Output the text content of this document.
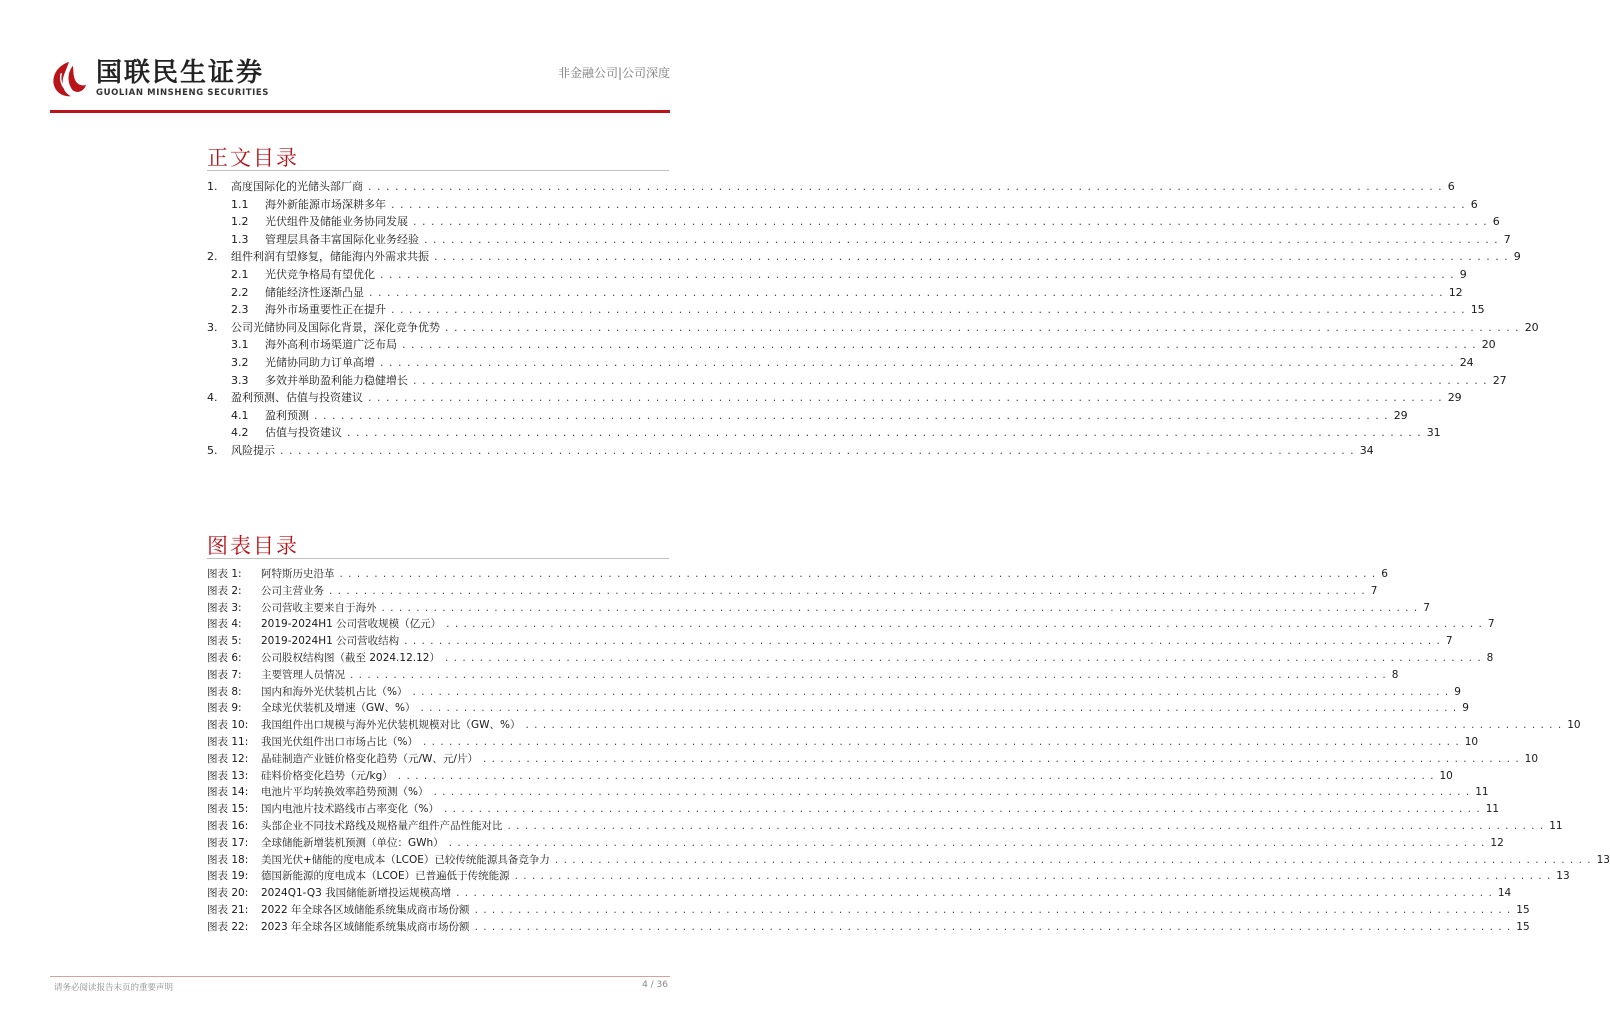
国联民生证券
GUOLIAN MINSHENG SECURITIES
非金融公司|公司深度
正文目录
1.	高度国际化的光储头部厂商 . . . . . . . . . . . . . . . . . . . . . . . . . . . . . . . . . . . . . . . . . . . . . . . . . . . . . . . . . . . . . . . . . . . . . . . . . . . . . . . . . . . . . . . . . . . . . . . . . . . . . . . . . . . . . . . . . . . . . . . . 6
1.1	海外新能源市场深耕多年 . . . . . . . . . . . . . . . . . . . . . . . . . . . . . . . . . . . . . . . . . . . . . . . . . . . . . . . . . . . . . . . . . . . . . . . . . . . . . . . . . . . . . . . . . . . . . . . . . . . . . . . . . . . . . . . . . . . . . . . . 6
1.2	光伏组件及储能业务协同发展 . . . . . . . . . . . . . . . . . . . . . . . . . . . . . . . . . . . . . . . . . . . . . . . . . . . . . . . . . . . . . . . . . . . . . . . . . . . . . . . . . . . . . . . . . . . . . . . . . . . . . . . . . . . . . . . . . . . . . . . . 6
1.3	管理层具备丰富国际化业务经验 . . . . . . . . . . . . . . . . . . . . . . . . . . . . . . . . . . . . . . . . . . . . . . . . . . . . . . . . . . . . . . . . . . . . . . . . . . . . . . . . . . . . . . . . . . . . . . . . . . . . . . . . . . . . . . . . . . . . . . . . 7
2.	组件利润有望修复，储能海内外需求共振 . . . . . . . . . . . . . . . . . . . . . . . . . . . . . . . . . . . . . . . . . . . . . . . . . . . . . . . . . . . . . . . . . . . . . . . . . . . . . . . . . . . . . . . . . . . . . . . . . . . . . . . . . . . . . . . . . . . . . . . . 9
2.1	光伏竞争格局有望优化 . . . . . . . . . . . . . . . . . . . . . . . . . . . . . . . . . . . . . . . . . . . . . . . . . . . . . . . . . . . . . . . . . . . . . . . . . . . . . . . . . . . . . . . . . . . . . . . . . . . . . . . . . . . . . . . . . . . . . . . . 9
2.2	储能经济性逐渐凸显 . . . . . . . . . . . . . . . . . . . . . . . . . . . . . . . . . . . . . . . . . . . . . . . . . . . . . . . . . . . . . . . . . . . . . . . . . . . . . . . . . . . . . . . . . . . . . . . . . . . . . . . . . . . . . . . . . . . . . . . . 12
2.3	海外市场重要性正在提升 . . . . . . . . . . . . . . . . . . . . . . . . . . . . . . . . . . . . . . . . . . . . . . . . . . . . . . . . . . . . . . . . . . . . . . . . . . . . . . . . . . . . . . . . . . . . . . . . . . . . . . . . . . . . . . . . . . . . . . . . 15
3.	公司光储协同及国际化背景，深化竞争优势 . . . . . . . . . . . . . . . . . . . . . . . . . . . . . . . . . . . . . . . . . . . . . . . . . . . . . . . . . . . . . . . . . . . . . . . . . . . . . . . . . . . . . . . . . . . . . . . . . . . . . . . . . . . . . . . . . . . . . . . . 20
3.1	海外高利市场渠道广泛布局 . . . . . . . . . . . . . . . . . . . . . . . . . . . . . . . . . . . . . . . . . . . . . . . . . . . . . . . . . . . . . . . . . . . . . . . . . . . . . . . . . . . . . . . . . . . . . . . . . . . . . . . . . . . . . . . . . . . . . . . . 20
3.2	光储协同助力订单高增 . . . . . . . . . . . . . . . . . . . . . . . . . . . . . . . . . . . . . . . . . . . . . . . . . . . . . . . . . . . . . . . . . . . . . . . . . . . . . . . . . . . . . . . . . . . . . . . . . . . . . . . . . . . . . . . . . . . . . . . . 24
3.3	多效并举助盈利能力稳健增长 . . . . . . . . . . . . . . . . . . . . . . . . . . . . . . . . . . . . . . . . . . . . . . . . . . . . . . . . . . . . . . . . . . . . . . . . . . . . . . . . . . . . . . . . . . . . . . . . . . . . . . . . . . . . . . . . . . . . . . . . 27
4.	盈利预测、估值与投资建议 . . . . . . . . . . . . . . . . . . . . . . . . . . . . . . . . . . . . . . . . . . . . . . . . . . . . . . . . . . . . . . . . . . . . . . . . . . . . . . . . . . . . . . . . . . . . . . . . . . . . . . . . . . . . . . . . . . . . . . . . 29
4.1	盈利预测 . . . . . . . . . . . . . . . . . . . . . . . . . . . . . . . . . . . . . . . . . . . . . . . . . . . . . . . . . . . . . . . . . . . . . . . . . . . . . . . . . . . . . . . . . . . . . . . . . . . . . . . . . . . . . . . . . . . . . . . . 29
4.2	估值与投资建议 . . . . . . . . . . . . . . . . . . . . . . . . . . . . . . . . . . . . . . . . . . . . . . . . . . . . . . . . . . . . . . . . . . . . . . . . . . . . . . . . . . . . . . . . . . . . . . . . . . . . . . . . . . . . . . . . . . . . . . . . 31
5.	风险提示 . . . . . . . . . . . . . . . . . . . . . . . . . . . . . . . . . . . . . . . . . . . . . . . . . . . . . . . . . . . . . . . . . . . . . . . . . . . . . . . . . . . . . . . . . . . . . . . . . . . . . . . . . . . . . . . . . . . . . . . . 34
图表目录
图表 1:	阿特斯历史沿革 . . . . . . . . . . . . . . . . . . . . . . . . . . . . . . . . . . . . . . . . . . . . . . . . . . . . . . . . . . . . . . . . . . . . . . . . . . . . . . . . . . . . . . . . . . . . . . . . . . . . . . . . . . . . . . . . . . . . . . . . 6
图表 2:	公司主营业务 . . . . . . . . . . . . . . . . . . . . . . . . . . . . . . . . . . . . . . . . . . . . . . . . . . . . . . . . . . . . . . . . . . . . . . . . . . . . . . . . . . . . . . . . . . . . . . . . . . . . . . . . . . . . . . . . . . . . . . . . 7
图表 3:	公司营收主要来自于海外 . . . . . . . . . . . . . . . . . . . . . . . . . . . . . . . . . . . . . . . . . . . . . . . . . . . . . . . . . . . . . . . . . . . . . . . . . . . . . . . . . . . . . . . . . . . . . . . . . . . . . . . . . . . . . . . . . . . . . . . . 7
图表 4:	2019-2024H1 公司营收规模（亿元） . . . . . . . . . . . . . . . . . . . . . . . . . . . . . . . . . . . . . . . . . . . . . . . . . . . . . . . . . . . . . . . . . . . . . . . . . . . . . . . . . . . . . . . . . . . . . . . . . . . . . . . . . . . . . . . . . . . . . . . . 7
图表 5:	2019-2024H1 公司营收结构 . . . . . . . . . . . . . . . . . . . . . . . . . . . . . . . . . . . . . . . . . . . . . . . . . . . . . . . . . . . . . . . . . . . . . . . . . . . . . . . . . . . . . . . . . . . . . . . . . . . . . . . . . . . . . . . . . . . . . . . . 7
图表 6:	公司股权结构图（截至 2024.12.12） . . . . . . . . . . . . . . . . . . . . . . . . . . . . . . . . . . . . . . . . . . . . . . . . . . . . . . . . . . . . . . . . . . . . . . . . . . . . . . . . . . . . . . . . . . . . . . . . . . . . . . . . . . . . . . . . . . . . . . . . 8
图表 7:	主要管理人员情况 . . . . . . . . . . . . . . . . . . . . . . . . . . . . . . . . . . . . . . . . . . . . . . . . . . . . . . . . . . . . . . . . . . . . . . . . . . . . . . . . . . . . . . . . . . . . . . . . . . . . . . . . . . . . . . . . . . . . . . . . 8
图表 8:	国内和海外光伏装机占比（%） . . . . . . . . . . . . . . . . . . . . . . . . . . . . . . . . . . . . . . . . . . . . . . . . . . . . . . . . . . . . . . . . . . . . . . . . . . . . . . . . . . . . . . . . . . . . . . . . . . . . . . . . . . . . . . . . . . . . . . . . 9
图表 9:	全球光伏装机及增速（GW、%） . . . . . . . . . . . . . . . . . . . . . . . . . . . . . . . . . . . . . . . . . . . . . . . . . . . . . . . . . . . . . . . . . . . . . . . . . . . . . . . . . . . . . . . . . . . . . . . . . . . . . . . . . . . . . . . . . . . . . . . . 9
图表 10:	我国组件出口规模与海外光伏装机规模对比（GW、%） . . . . . . . . . . . . . . . . . . . . . . . . . . . . . . . . . . . . . . . . . . . . . . . . . . . . . . . . . . . . . . . . . . . . . . . . . . . . . . . . . . . . . . . . . . . . . . . . . . . . . . . . . . . . . . . . . . . . . . . . 10
图表 11:	我国光伏组件出口市场占比（%） . . . . . . . . . . . . . . . . . . . . . . . . . . . . . . . . . . . . . . . . . . . . . . . . . . . . . . . . . . . . . . . . . . . . . . . . . . . . . . . . . . . . . . . . . . . . . . . . . . . . . . . . . . . . . . . . . . . . . . . . 10
图表 12:	晶硅制造产业链价格变化趋势（元/W、元/片） . . . . . . . . . . . . . . . . . . . . . . . . . . . . . . . . . . . . . . . . . . . . . . . . . . . . . . . . . . . . . . . . . . . . . . . . . . . . . . . . . . . . . . . . . . . . . . . . . . . . . . . . . . . . . . . . . . . . . . . . 10
图表 13:	硅料价格变化趋势（元/kg） . . . . . . . . . . . . . . . . . . . . . . . . . . . . . . . . . . . . . . . . . . . . . . . . . . . . . . . . . . . . . . . . . . . . . . . . . . . . . . . . . . . . . . . . . . . . . . . . . . . . . . . . . . . . . . . . . . . . . . . . 10
图表 14:	电池片平均转换效率趋势预测（%） . . . . . . . . . . . . . . . . . . . . . . . . . . . . . . . . . . . . . . . . . . . . . . . . . . . . . . . . . . . . . . . . . . . . . . . . . . . . . . . . . . . . . . . . . . . . . . . . . . . . . . . . . . . . . . . . . . . . . . . . 11
图表 15:	国内电池片技术路线市占率变化（%） . . . . . . . . . . . . . . . . . . . . . . . . . . . . . . . . . . . . . . . . . . . . . . . . . . . . . . . . . . . . . . . . . . . . . . . . . . . . . . . . . . . . . . . . . . . . . . . . . . . . . . . . . . . . . . . . . . . . . . . . 11
图表 16:	头部企业不同技术路线及规格量产组件产品性能对比 . . . . . . . . . . . . . . . . . . . . . . . . . . . . . . . . . . . . . . . . . . . . . . . . . . . . . . . . . . . . . . . . . . . . . . . . . . . . . . . . . . . . . . . . . . . . . . . . . . . . . . . . . . . . . . . . . . . . . . . . 11
图表 17:	全球储能新增装机预测（单位：GWh） . . . . . . . . . . . . . . . . . . . . . . . . . . . . . . . . . . . . . . . . . . . . . . . . . . . . . . . . . . . . . . . . . . . . . . . . . . . . . . . . . . . . . . . . . . . . . . . . . . . . . . . . . . . . . . . . . . . . . . . . 12
图表 18:	美国光伏+储能的度电成本（LCOE）已较传统能源具备竞争力 . . . . . . . . . . . . . . . . . . . . . . . . . . . . . . . . . . . . . . . . . . . . . . . . . . . . . . . . . . . . . . . . . . . . . . . . . . . . . . . . . . . . . . . . . . . . . . . . . . . . . . . . . . . . . . . . . . . . . . . . 13
图表 19:	德国新能源的度电成本（LCOE）已普遍低于传统能源 . . . . . . . . . . . . . . . . . . . . . . . . . . . . . . . . . . . . . . . . . . . . . . . . . . . . . . . . . . . . . . . . . . . . . . . . . . . . . . . . . . . . . . . . . . . . . . . . . . . . . . . . . . . . . . . . . . . . . . . . 13
图表 20:	2024Q1-Q3 我国储能新增投运规模高增 . . . . . . . . . . . . . . . . . . . . . . . . . . . . . . . . . . . . . . . . . . . . . . . . . . . . . . . . . . . . . . . . . . . . . . . . . . . . . . . . . . . . . . . . . . . . . . . . . . . . . . . . . . . . . . . . . . . . . . . . 14
图表 21:	2022 年全球各区域储能系统集成商市场份额 . . . . . . . . . . . . . . . . . . . . . . . . . . . . . . . . . . . . . . . . . . . . . . . . . . . . . . . . . . . . . . . . . . . . . . . . . . . . . . . . . . . . . . . . . . . . . . . . . . . . . . . . . . . . . . . . . . . . . . . . 15
图表 22:	2023 年全球各区域储能系统集成商市场份额 . . . . . . . . . . . . . . . . . . . . . . . . . . . . . . . . . . . . . . . . . . . . . . . . . . . . . . . . . . . . . . . . . . . . . . . . . . . . . . . . . . . . . . . . . . . . . . . . . . . . . . . . . . . . . . . . . . . . . . . . 15
请务必阅读报告末页的重要声明	4 / 36
